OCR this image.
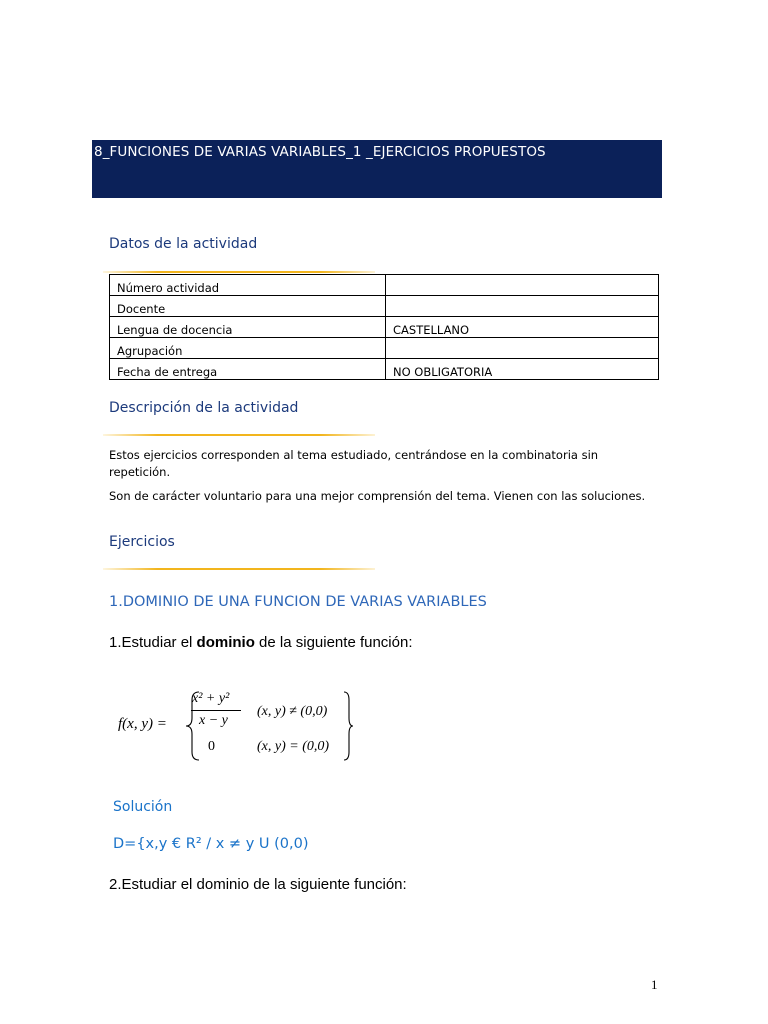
8_FUNCIONES DE VARIAS VARIABLES_1 _EJERCICIOS PROPUESTOS
Datos de la actividad
Número actividad	
Docente	
Lengua de docencia	CASTELLANO
Agrupación	
Fecha de entrega	NO OBLIGATORIA
Descripción de la actividad
Estos ejercicios corresponden al tema estudiado, centrándose en la combinatoria sin
repetición.
Son de carácter voluntario para una mejor comprensión del tema. Vienen con las soluciones.
Ejercicios
1.DOMINIO DE UNA FUNCION DE VARIAS VARIABLES
1.Estudiar el dominio de la siguiente función:
f(x, y) =
x² + y²
x − y
(x, y) ≠ (0,0)
0	(x, y) = (0,0)
Solución
D={x,y € R² / x ≠ y U (0,0)
2.Estudiar el dominio de la siguiente función:
1
